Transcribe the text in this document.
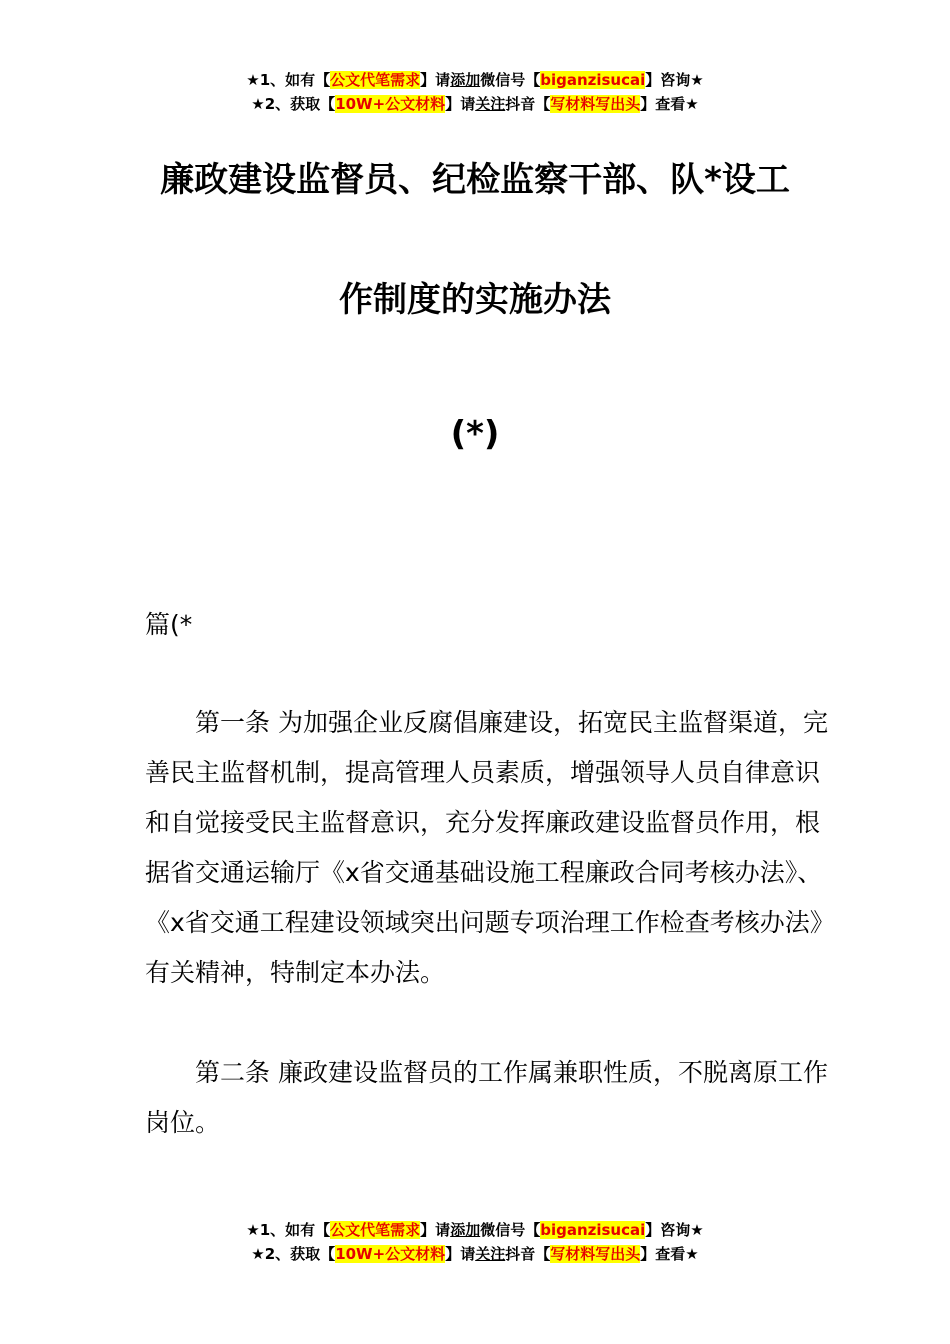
★1、如有【公文代笔需求】请添加微信号【biganzisucai】咨询★
★2、获取【10W+公文材料】请关注抖音【写材料写出头】查看★
廉政建设监督员、纪检监察干部、队*设工
作制度的实施办法
(*)
篇(*

第一条 为加强企业反腐倡廉建设，拓宽民主监督渠道，完善民主监督机制，提高管理人员素质，增强领导人员自律意识和自觉接受民主监督意识，充分发挥廉政建设监督员作用，根据省交通运输厅《x省交通基础设施工程廉政合同考核办法》、《x省交通工程建设领域突出问题专项治理工作检查考核办法》有关精神，特制定本办法。

第二条 廉政建设监督员的工作属兼职性质，不脱离原工作岗位。

★1、如有【公文代笔需求】请添加微信号【biganzisucai】咨询★
★2、获取【10W+公文材料】请关注抖音【写材料写出头】查看★
